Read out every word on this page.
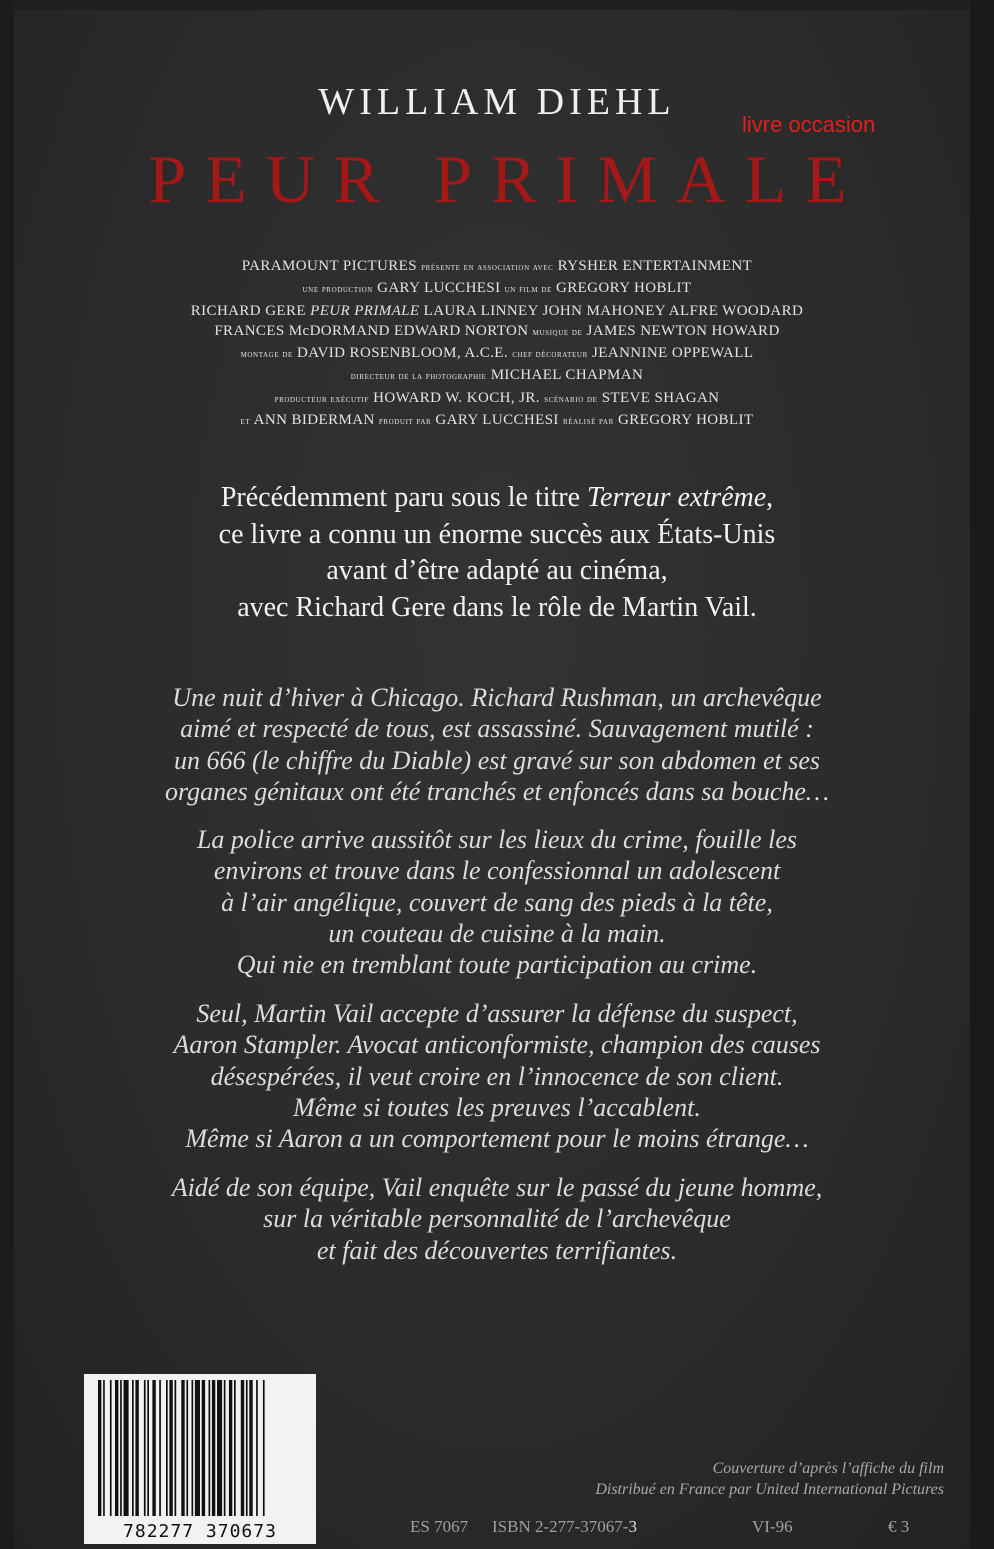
WILLIAM DIEHL
livre occasion
PEUR PRIMALE
PARAMOUNT PICTURES présente en association avec RYSHER ENTERTAINMENT
une production GARY LUCCHESI un film de GREGORY HOBLIT
RICHARD GERE PEUR PRIMALE LAURA LINNEY JOHN MAHONEY ALFRE WOODARD
FRANCES McDORMAND EDWARD NORTON musique de JAMES NEWTON HOWARD
montage de DAVID ROSENBLOOM, A.C.E. chef décorateur JEANNINE OPPEWALL
directeur de la photographie MICHAEL CHAPMAN
producteur exécutif HOWARD W. KOCH, JR. scénario de STEVE SHAGAN
et ANN BIDERMAN produit par GARY LUCCHESI réalisé par GREGORY HOBLIT
Précédemment paru sous le titre Terreur extrême,
ce livre a connu un énorme succès aux États-Unis
avant d’être adapté au cinéma,
avec Richard Gere dans le rôle de Martin Vail.
Une nuit d’hiver à Chicago. Richard Rushman, un archevêque
aimé et respecté de tous, est assassiné. Sauvagement mutilé :
un 666 (le chiffre du Diable) est gravé sur son abdomen et ses
organes génitaux ont été tranchés et enfoncés dans sa bouche…
La police arrive aussitôt sur les lieux du crime, fouille les
environs et trouve dans le confessionnal un adolescent
à l’air angélique, couvert de sang des pieds à la tête,
un couteau de cuisine à la main.
Qui nie en tremblant toute participation au crime.
Seul, Martin Vail accepte d’assurer la défense du suspect,
Aaron Stampler. Avocat anticonformiste, champion des causes
désespérées, il veut croire en l’innocence de son client.
Même si toutes les preuves l’accablent.
Même si Aaron a un comportement pour le moins étrange…
Aidé de son équipe, Vail enquête sur le passé du jeune homme,
sur la véritable personnalité de l’archevêque
et fait des découvertes terrifiantes.
782277 370673
Couverture d’après l’affiche du film
Distribué en France par United International Pictures
ES 7067 ISBN 2-277-37067-3	VI-96	€ 3
